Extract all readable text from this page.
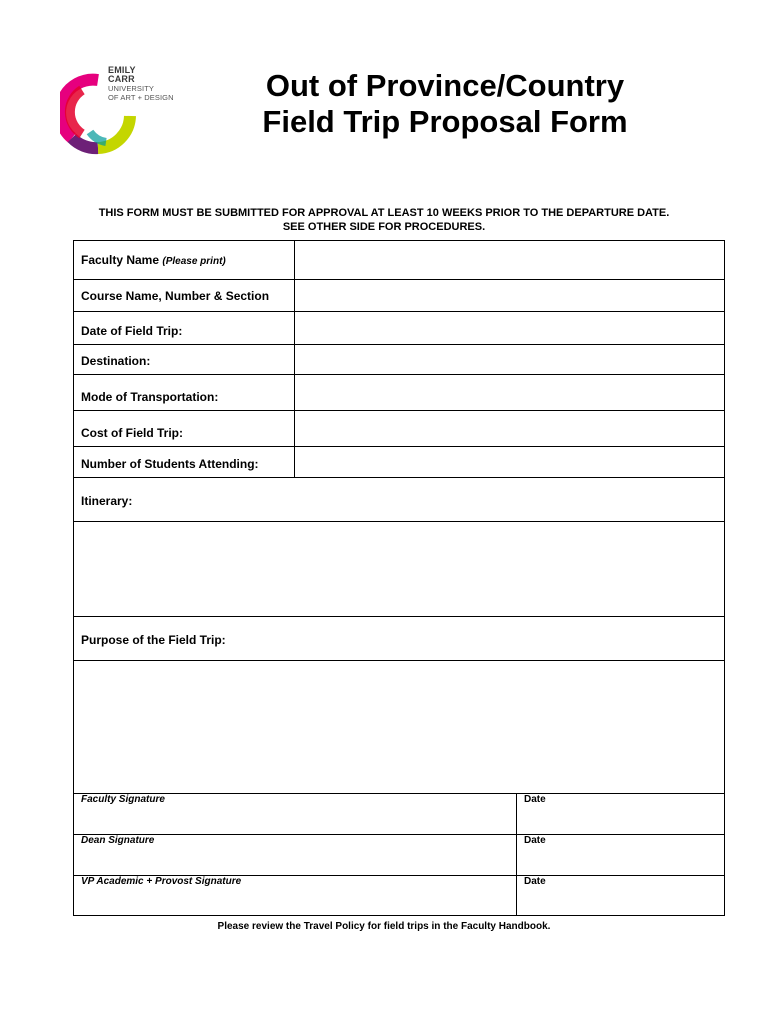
EMILY
CARR
UNIVERSITY
OF ART + DESIGN	Out of Province/Country
Field Trip Proposal Form
THIS FORM MUST BE SUBMITTED FOR APPROVAL AT LEAST 10 WEEKS PRIOR TO THE DEPARTURE DATE.
SEE OTHER SIDE FOR PROCEDURES.
Faculty Name (Please print)	
Course Name, Number & Section	
Date of Field Trip:	
Destination:	
Mode of Transportation:	
Cost of Field Trip:	
Number of Students Attending:	
Itinerary:	

Purpose of the Field Trip:	

Faculty Signature	Date
Dean Signature	Date
VP Academic + Provost Signature	Date
Please review the Travel Policy for field trips in the Faculty Handbook.
